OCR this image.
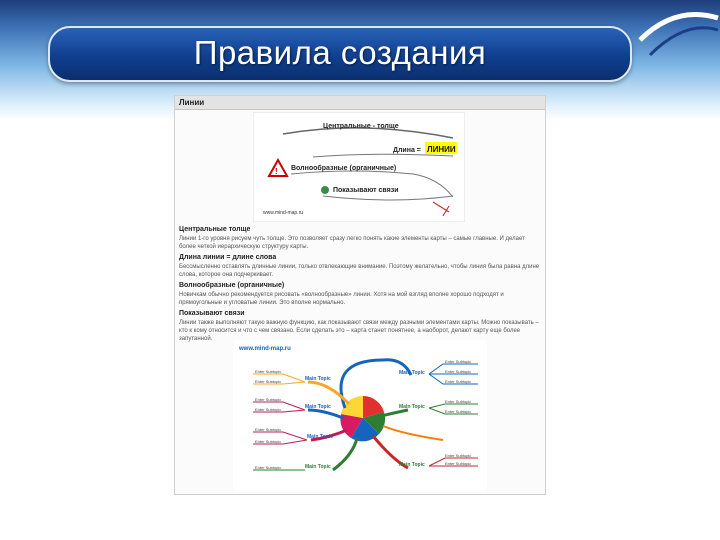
Правила создания
Линии
Центральные - толще
Длина = ЛИНИИ
! Волнообразные (органичные)
Показывают связи
www.mind-map.ru
Центральные толще
Линии 1-го уровня рисуем чуть толще. Это позволяет сразу легко понять какие элементы карты – самые главные. И делает более четкой иерархическую структуру карты.
Длина линии = длине слова
Бессмысленно оставлять длинные линии, только отвлекающие внимание. Поэтому желательно, чтобы линия была равна длине слова, которое она подчеркивает.
Волнообразные (органичные)
Новичкам обычно рекомендуется рисовать «волнообразные» линии. Хотя на мой взгляд вполне хорошо подходят и прямоугольные и угловатые линии. Это вполне нормально.
Показывают связи
Линии также выполняют такую важную функцию, как показывают связи между разными элементами карты. Можно показывать – кто к кому относится и что с чем связано. Если сделать это – карта станет понятнее, а наоборот, делают карту еще более запутанной.
www.mind-map.ru
Main Topic
Main Topic
Main Topic
Main Topic
Main Topic
Main Topic
Main Topic
Enter Subtopic
Enter Subtopic
Enter Subtopic
Enter Subtopic
Enter Subtopic
Enter Subtopic
Enter Subtopic
Enter Subtopic
Enter Subtopic
Enter Subtopic
Enter Subtopic
Enter Subtopic
Enter Subtopic
Enter Subtopic
